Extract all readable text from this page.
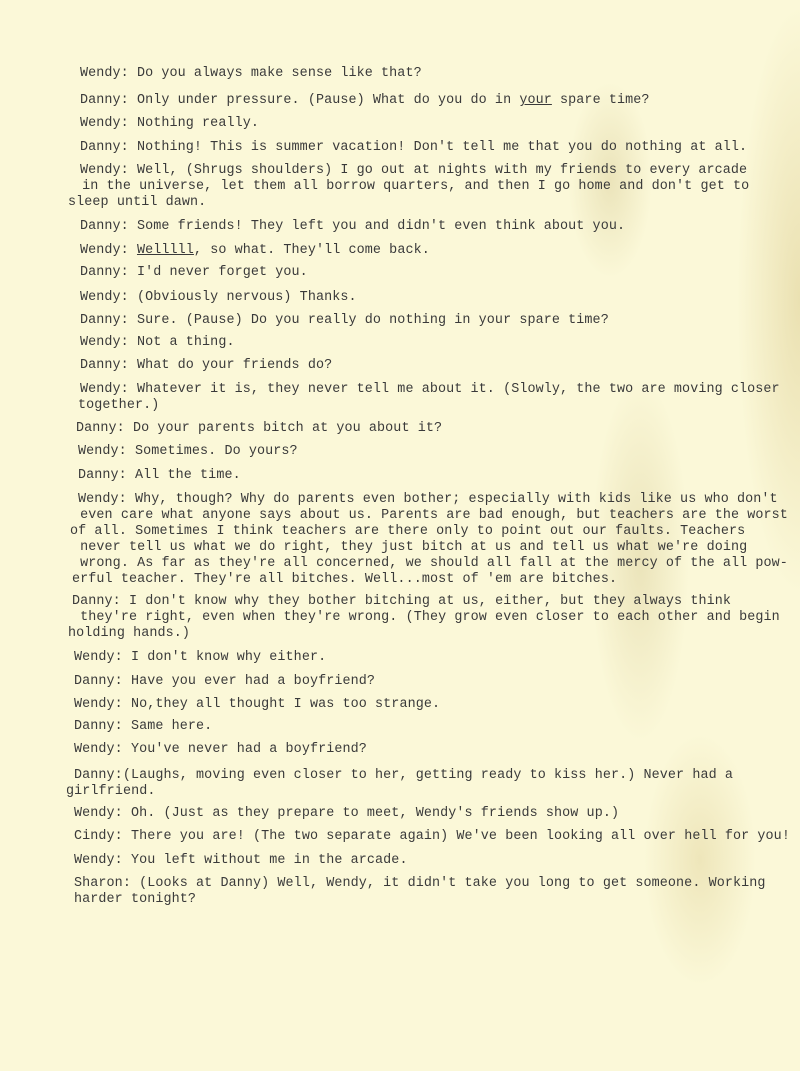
Wendy: Do you always make sense like that?
Danny: Only under pressure. (Pause) What do you do in your spare time?
Wendy: Nothing really.
Danny: Nothing! This is summer vacation! Don't tell me that you do nothing at all.
Wendy: Well, (Shrugs shoulders) I go out at nights with my friends to every arcade
in the universe, let them all borrow quarters, and then I go home and don't get to
sleep until dawn.
Danny: Some friends! They left you and didn't even think about you.
Wendy: Welllll, so what. They'll come back.
Danny: I'd never forget you.
Wendy: (Obviously nervous) Thanks.
Danny: Sure. (Pause) Do you really do nothing in your spare time?
Wendy: Not a thing.
Danny: What do your friends do?
Wendy: Whatever it is, they never tell me about it. (Slowly, the two are moving closer
together.)
Danny: Do your parents bitch at you about it?
Wendy: Sometimes. Do yours?
Danny: All the time.
Wendy: Why, though? Why do parents even bother; especially with kids like us who don't
even care what anyone says about us. Parents are bad enough, but teachers are the worst
of all. Sometimes I think teachers are there only to point out our faults. Teachers
never tell us what we do right, they just bitch at us and tell us what we're doing
wrong. As far as they're all concerned, we should all fall at the mercy of the all pow-
erful teacher. They're all bitches. Well...most of 'em are bitches.
Danny: I don't know why they bother bitching at us, either, but they always think
they're right, even when they're wrong. (They grow even closer to each other and begin
holding hands.)
Wendy: I don't know why either.
Danny: Have you ever had a boyfriend?
Wendy: No,they all thought I was too strange.
Danny: Same here.
Wendy: You've never had a boyfriend?
Danny:(Laughs, moving even closer to her, getting ready to kiss her.) Never had a
girlfriend.
Wendy: Oh. (Just as they prepare to meet, Wendy's friends show up.)
Cindy: There you are! (The two separate again) We've been looking all over hell for you!
Wendy: You left without me in the arcade.
Sharon: (Looks at Danny) Well, Wendy, it didn't take you long to get someone. Working
harder tonight?
